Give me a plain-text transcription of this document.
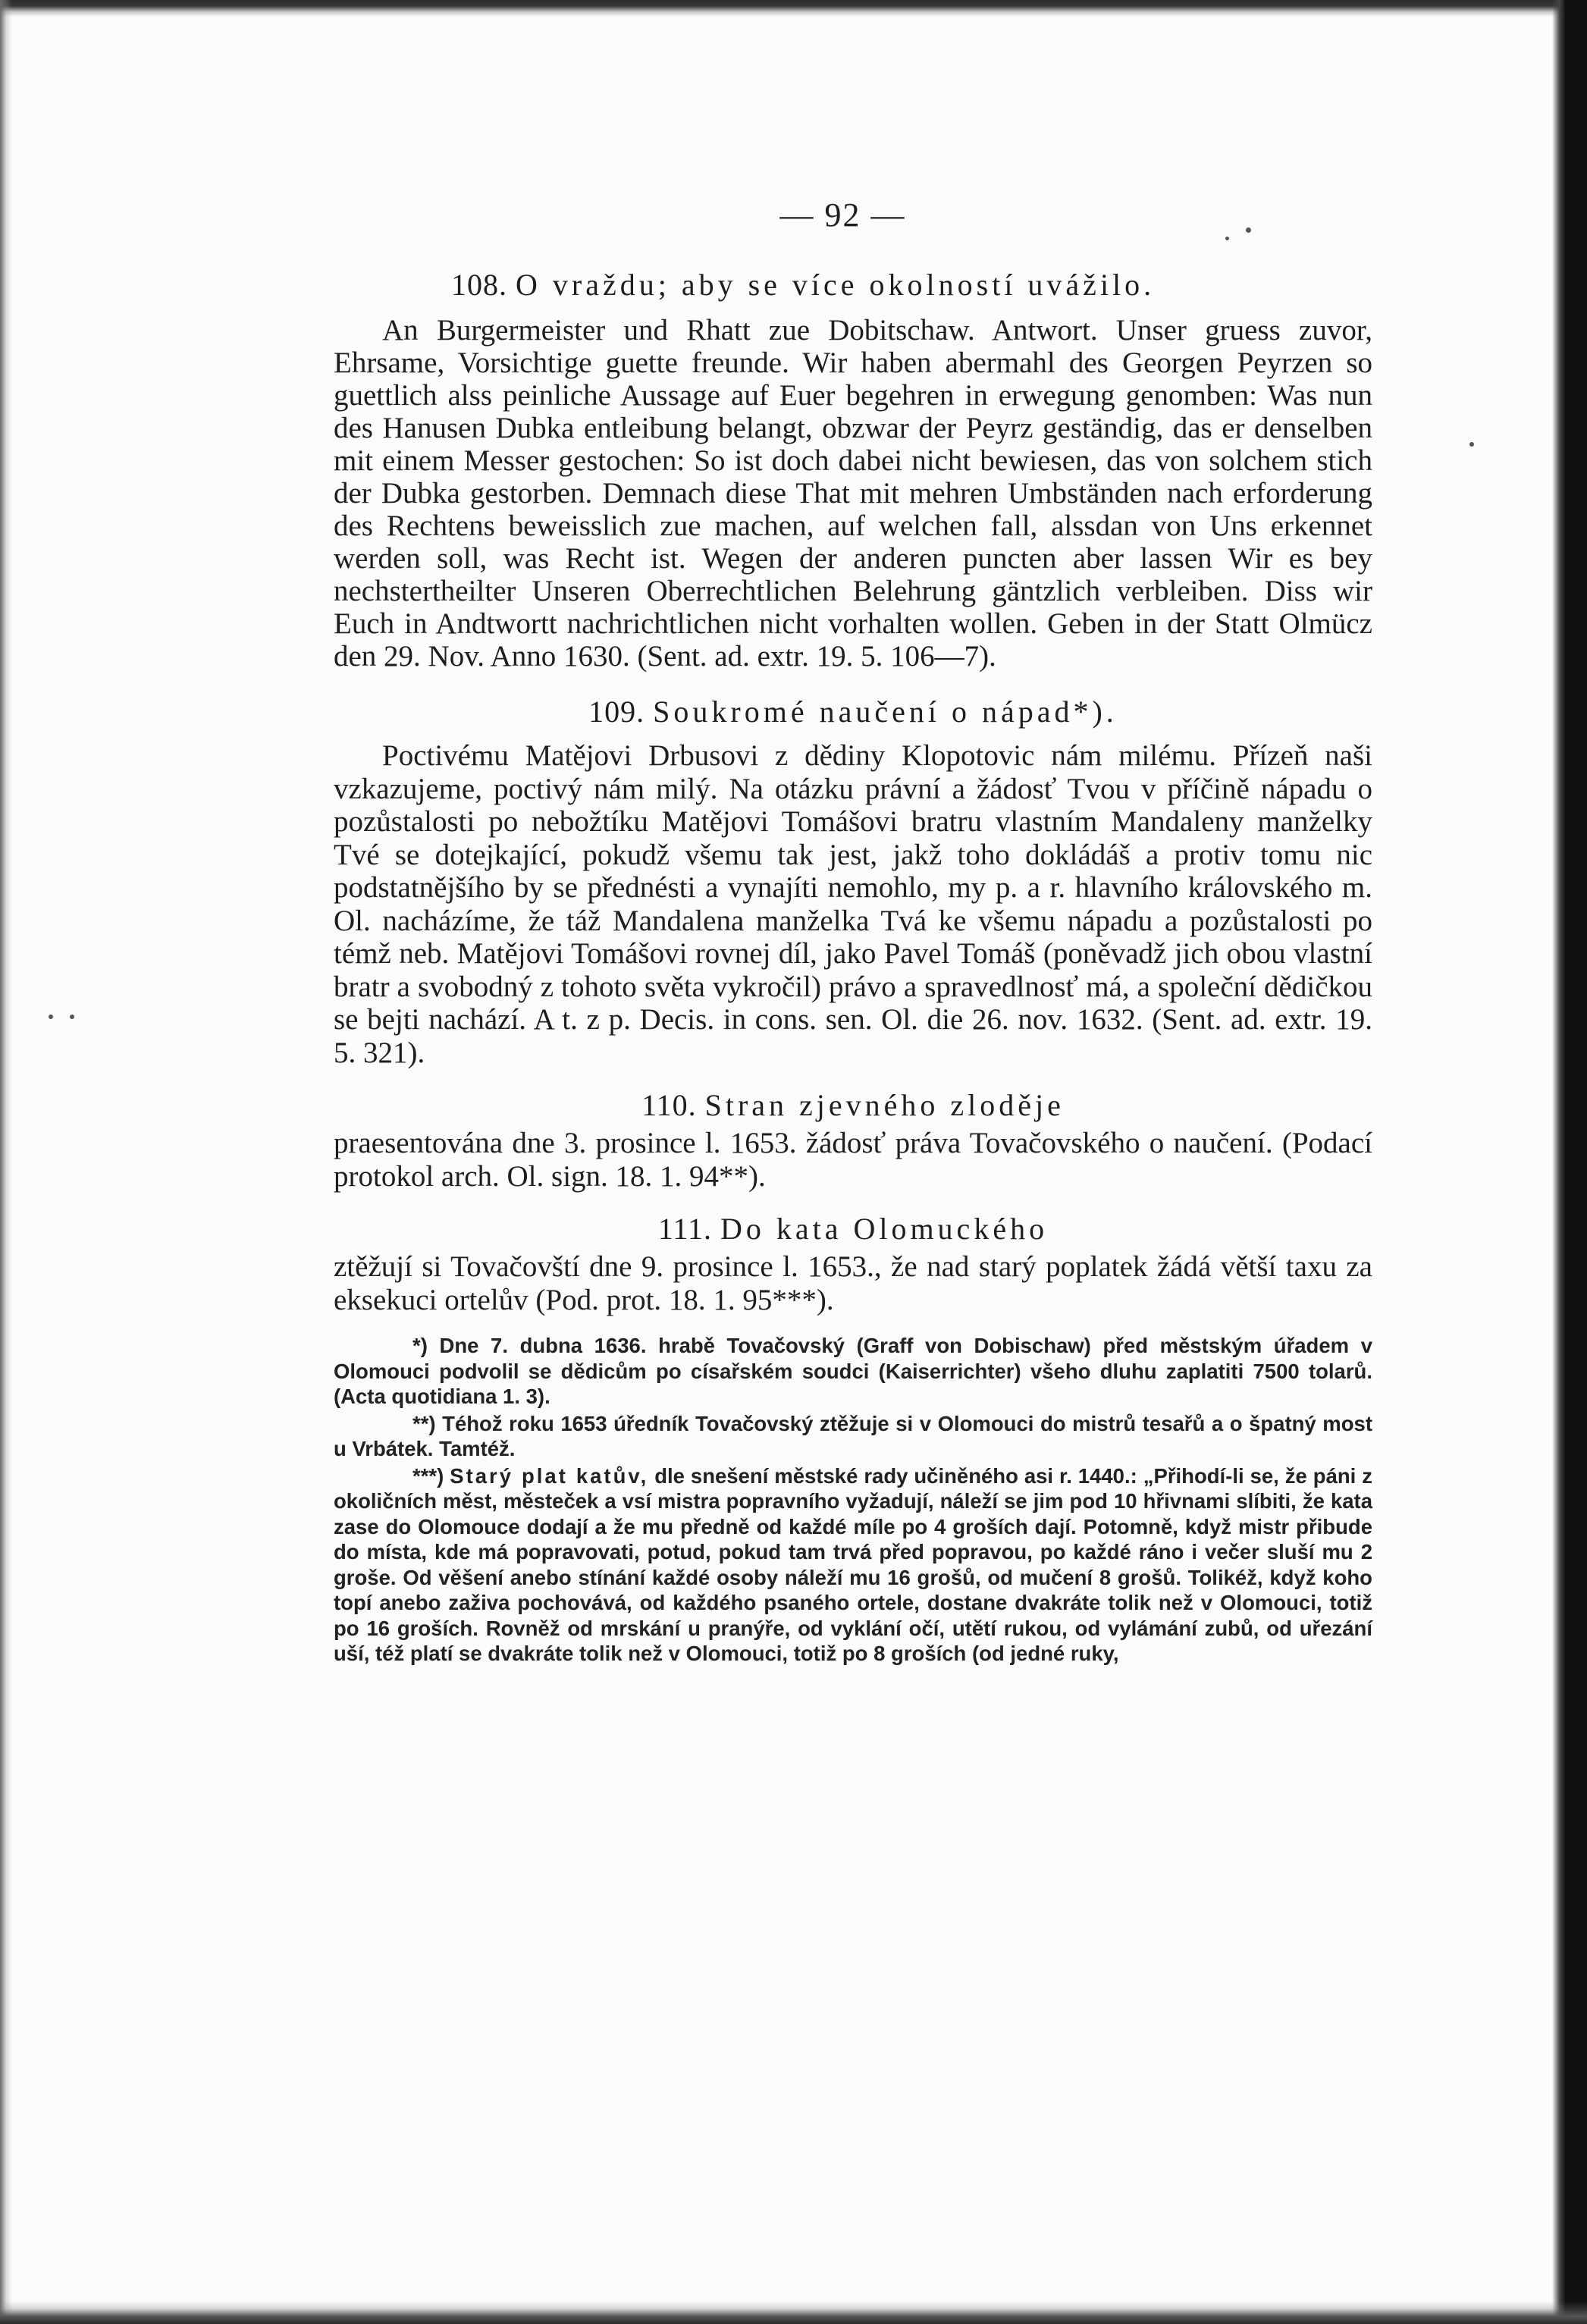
— 92 —
108. O vraždu; aby se více okolností uvážilo.

An Burgermeister und Rhatt zue Dobitschaw. Antwort. Unser gruess zuvor, Ehrsame, Vorsichtige guette freunde. Wir haben abermahl des Georgen Peyrzen so guettlich alss peinliche Aussage auf Euer begehren in erwegung genomben: Was nun des Hanusen Dubka entleibung belangt, obzwar der Peyrz geständig, das er denselben mit einem Messer gestochen: So ist doch dabei nicht bewiesen, das von solchem stich der Dubka gestorben. Demnach diese That mit mehren Umbständen nach erforderung des Rechtens beweisslich zue machen, auf welchen fall, alssdan von Uns erkennet werden soll, was Recht ist. Wegen der anderen puncten aber lassen Wir es bey nechstertheilter Unseren Oberrechtlichen Belehrung gäntzlich verbleiben. Diss wir Euch in Andtwortt nachrichtlichen nicht vorhalten wollen. Geben in der Statt Olmücz den 29. Nov. Anno 1630. (Sent. ad. extr. 19. 5. 106—7).

109. Soukromé naučení o nápad*).

Poctivému Matějovi Drbusovi z dědiny Klopotovic nám milému. Přízeň naši vzkazujeme, poctivý nám milý. Na otázku právní a žádosť Tvou v příčině nápadu o pozůstalosti po nebožtíku Matějovi Tomášovi bratru vlastním Mandaleny manželky Tvé se dotejkající, pokudž všemu tak jest, jakž toho dokládáš a protiv tomu nic podstatnějšího by se přednésti a vynajíti nemohlo, my p. a r. hlavního královského m. Ol. nacházíme, že táž Mandalena manželka Tvá ke všemu nápadu a pozůstalosti po témž neb. Matějovi Tomášovi rovnej díl, jako Pavel Tomáš (poněvadž jich obou vlastní bratr a svobodný z tohoto světa vykročil) právo a spravedlnosť má, a společní dědičkou se bejti nachází. A t. z p. Decis. in cons. sen. Ol. die 26. nov. 1632. (Sent. ad. extr. 19. 5. 321).

110. Stran zjevného zloděje

praesentována dne 3. prosince l. 1653. žádosť práva Tovačovského o naučení. (Podací protokol arch. Ol. sign. 18. 1. 94**).

111. Do kata Olomuckého

ztěžují si Tovačovští dne 9. prosince l. 1653., že nad starý poplatek žádá větší taxu za eksekuci ortelův (Pod. prot. 18. 1. 95***).

*) Dne 7. dubna 1636. hrabě Tovačovský (Graff von Dobischaw) před městským úřadem v Olomouci podvolil se dědicům po císařském soudci (Kaiserrichter) všeho dluhu zaplatiti 7500 tolarů. (Acta quotidiana 1. 3).

**) Téhož roku 1653 úředník Tovačovský ztěžuje si v Olomouci do mistrů tesařů a o špatný most u Vrbátek. Tamtéž.

***) Starý plat katův, dle snešení městské rady učiněného asi r. 1440.: „Přihodí-li se, že páni z okoličních měst, městeček a vsí mistra popravního vyžadují, náleží se jim pod 10 hřivnami slíbiti, že kata zase do Olomouce dodají a že mu předně od každé míle po 4 groších dají. Potomně, když mistr přibude do místa, kde má popravovati, potud, pokud tam trvá před popravou, po každé ráno i večer sluší mu 2 groše. Od věšení anebo stínání každé osoby náleží mu 16 grošů, od mučení 8 grošů. Tolikéž, když koho topí anebo zaživa pochovává, od každého psaného ortele, dostane dvakráte tolik než v Olomouci, totiž po 16 groších. Rovněž od mrskání u pranýře, od vyklání očí, utětí rukou, od vylámání zubů, od uřezání uší, též platí se dvakráte tolik než v Olomouci, totiž po 8 groších (od jedné ruky,
